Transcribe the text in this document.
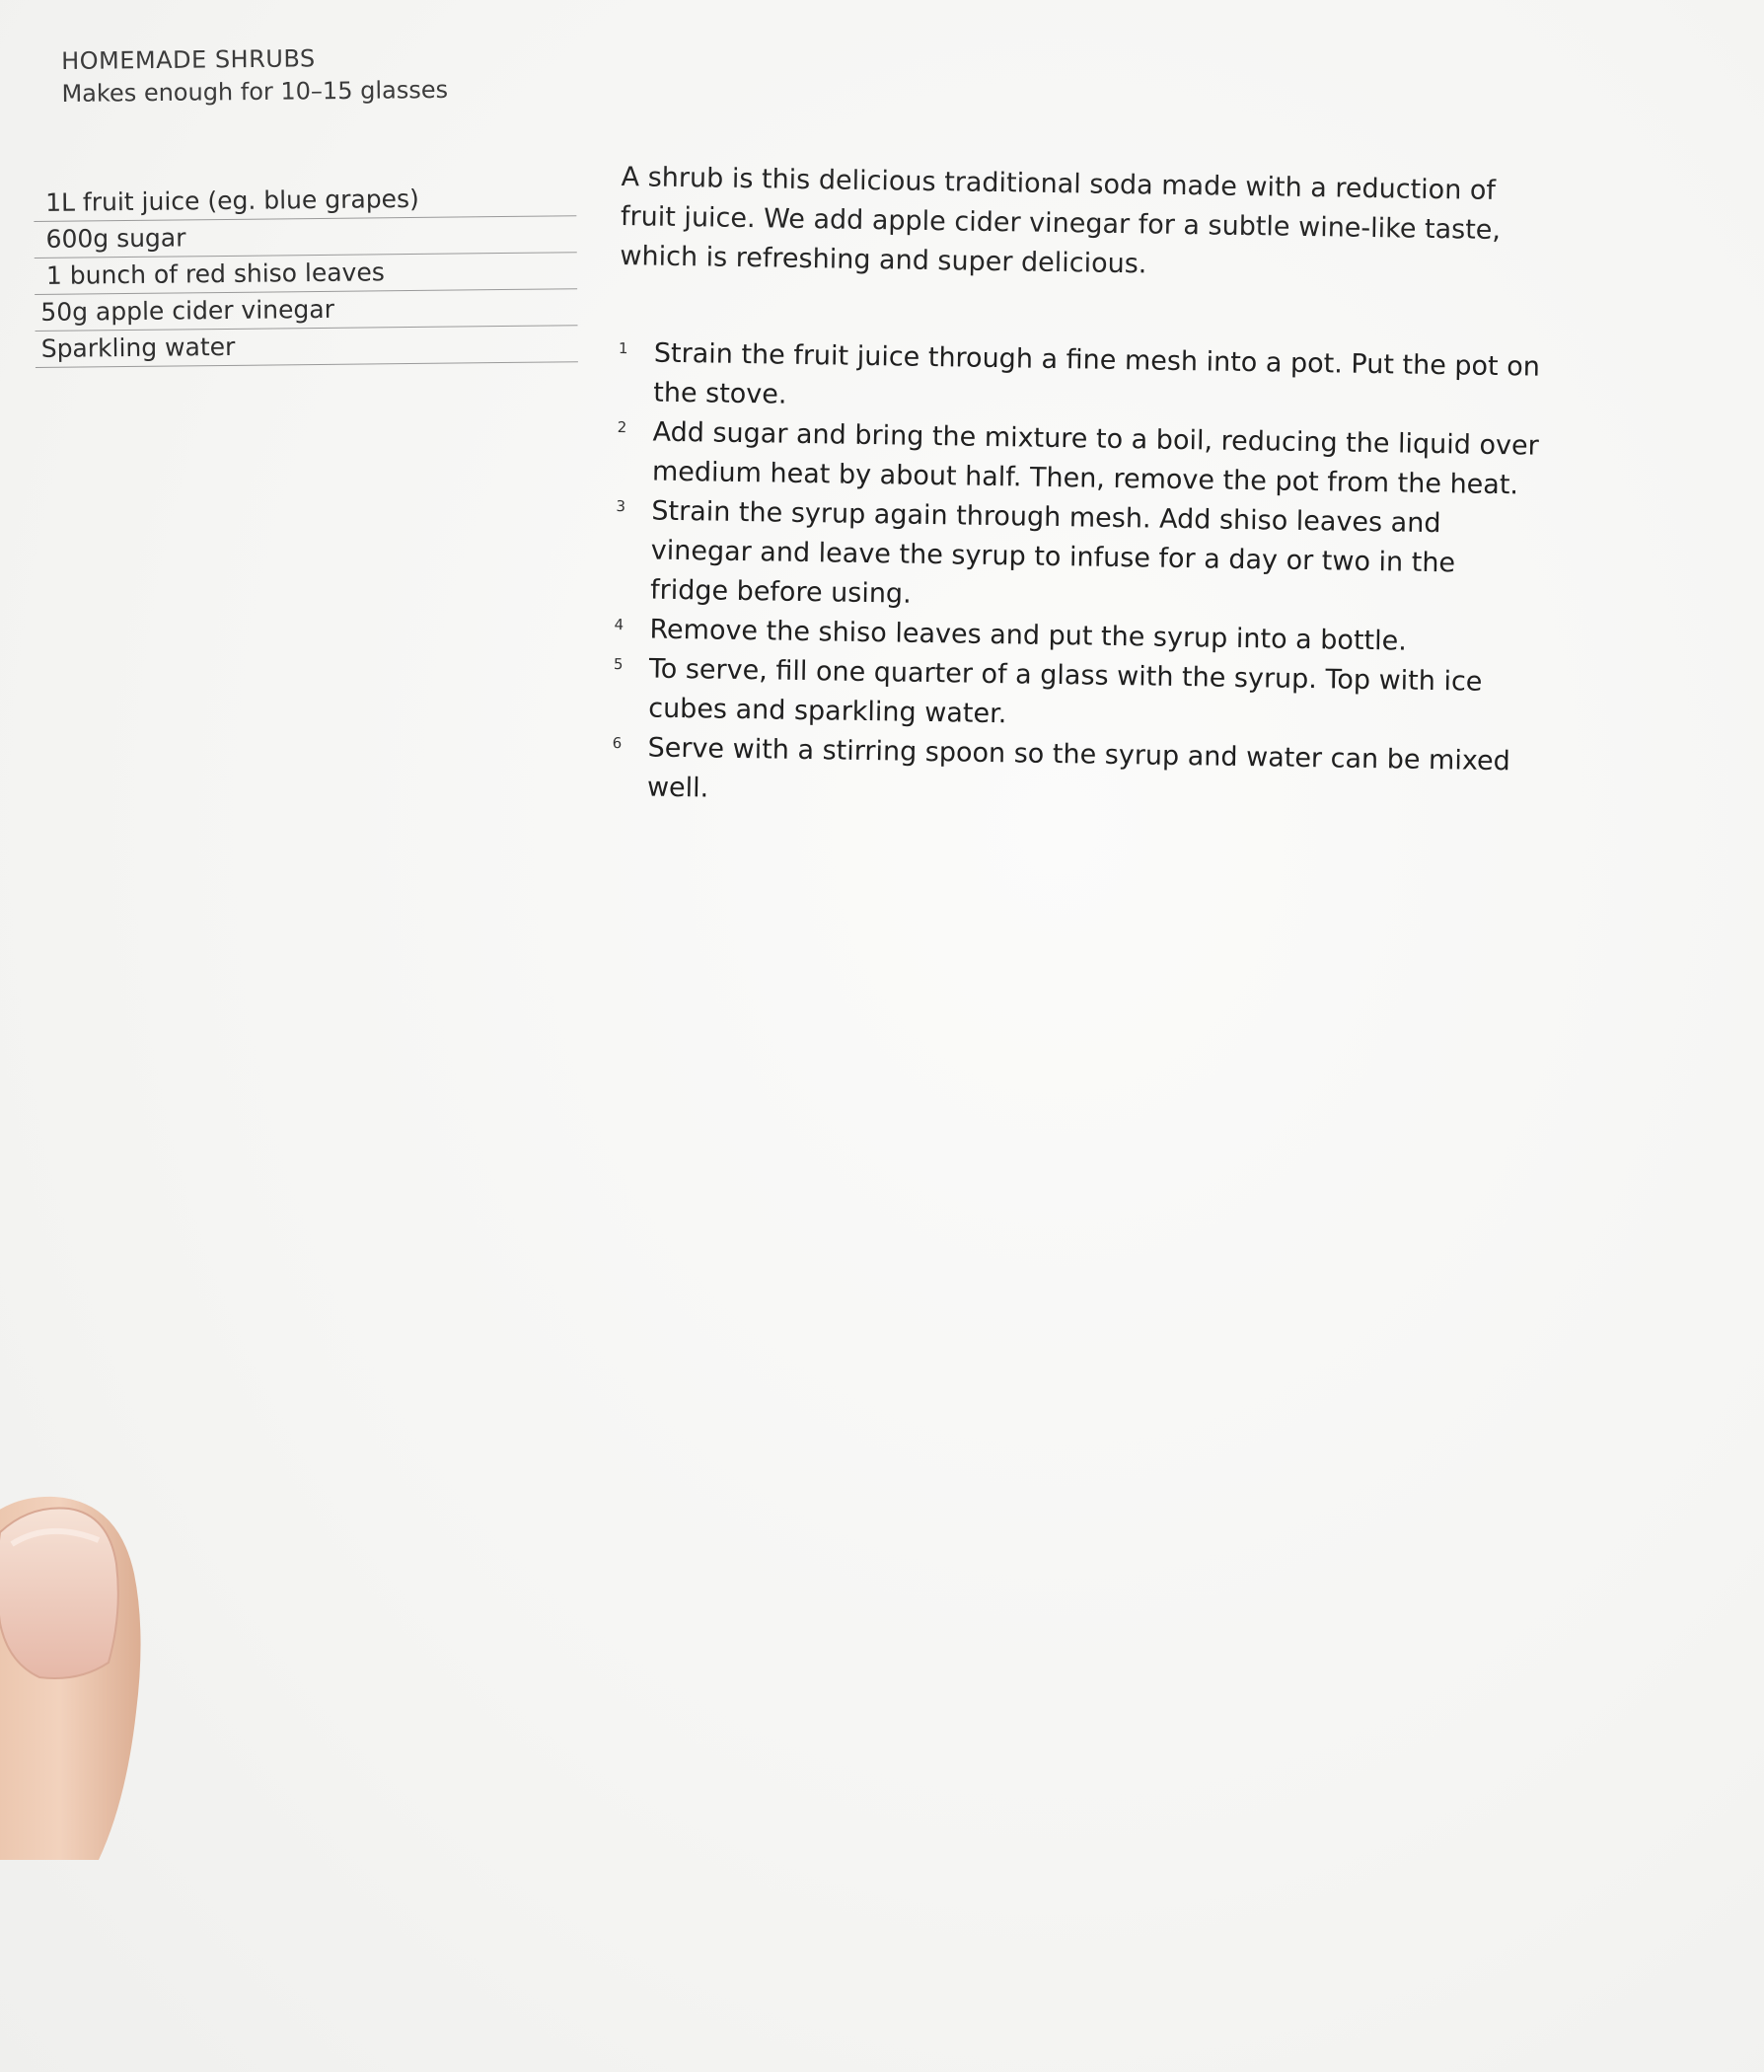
HOMEMADE SHRUBS
Makes enough for 10–15 glasses
1L fruit juice (eg. blue grapes)
600g sugar
1 bunch of red shiso leaves
50g apple cider vinegar
Sparkling water

A shrub is this delicious traditional soda made with a reduction of fruit juice. We add apple cider vinegar for a subtle wine-like taste, which is refreshing and super delicious.

1 Strain the fruit juice through a fine mesh into a pot. Put the pot on the stove.
2 Add sugar and bring the mixture to a boil, reducing the liquid over medium heat by about half. Then, remove the pot from the heat.
3 Strain the syrup again through mesh. Add shiso leaves and vinegar and leave the syrup to infuse for a day or two in the fridge before using.
4 Remove the shiso leaves and put the syrup into a bottle.
5 To serve, fill one quarter of a glass with the syrup. Top with ice cubes and sparkling water.
6 Serve with a stirring spoon so the syrup and water can be mixed well.
